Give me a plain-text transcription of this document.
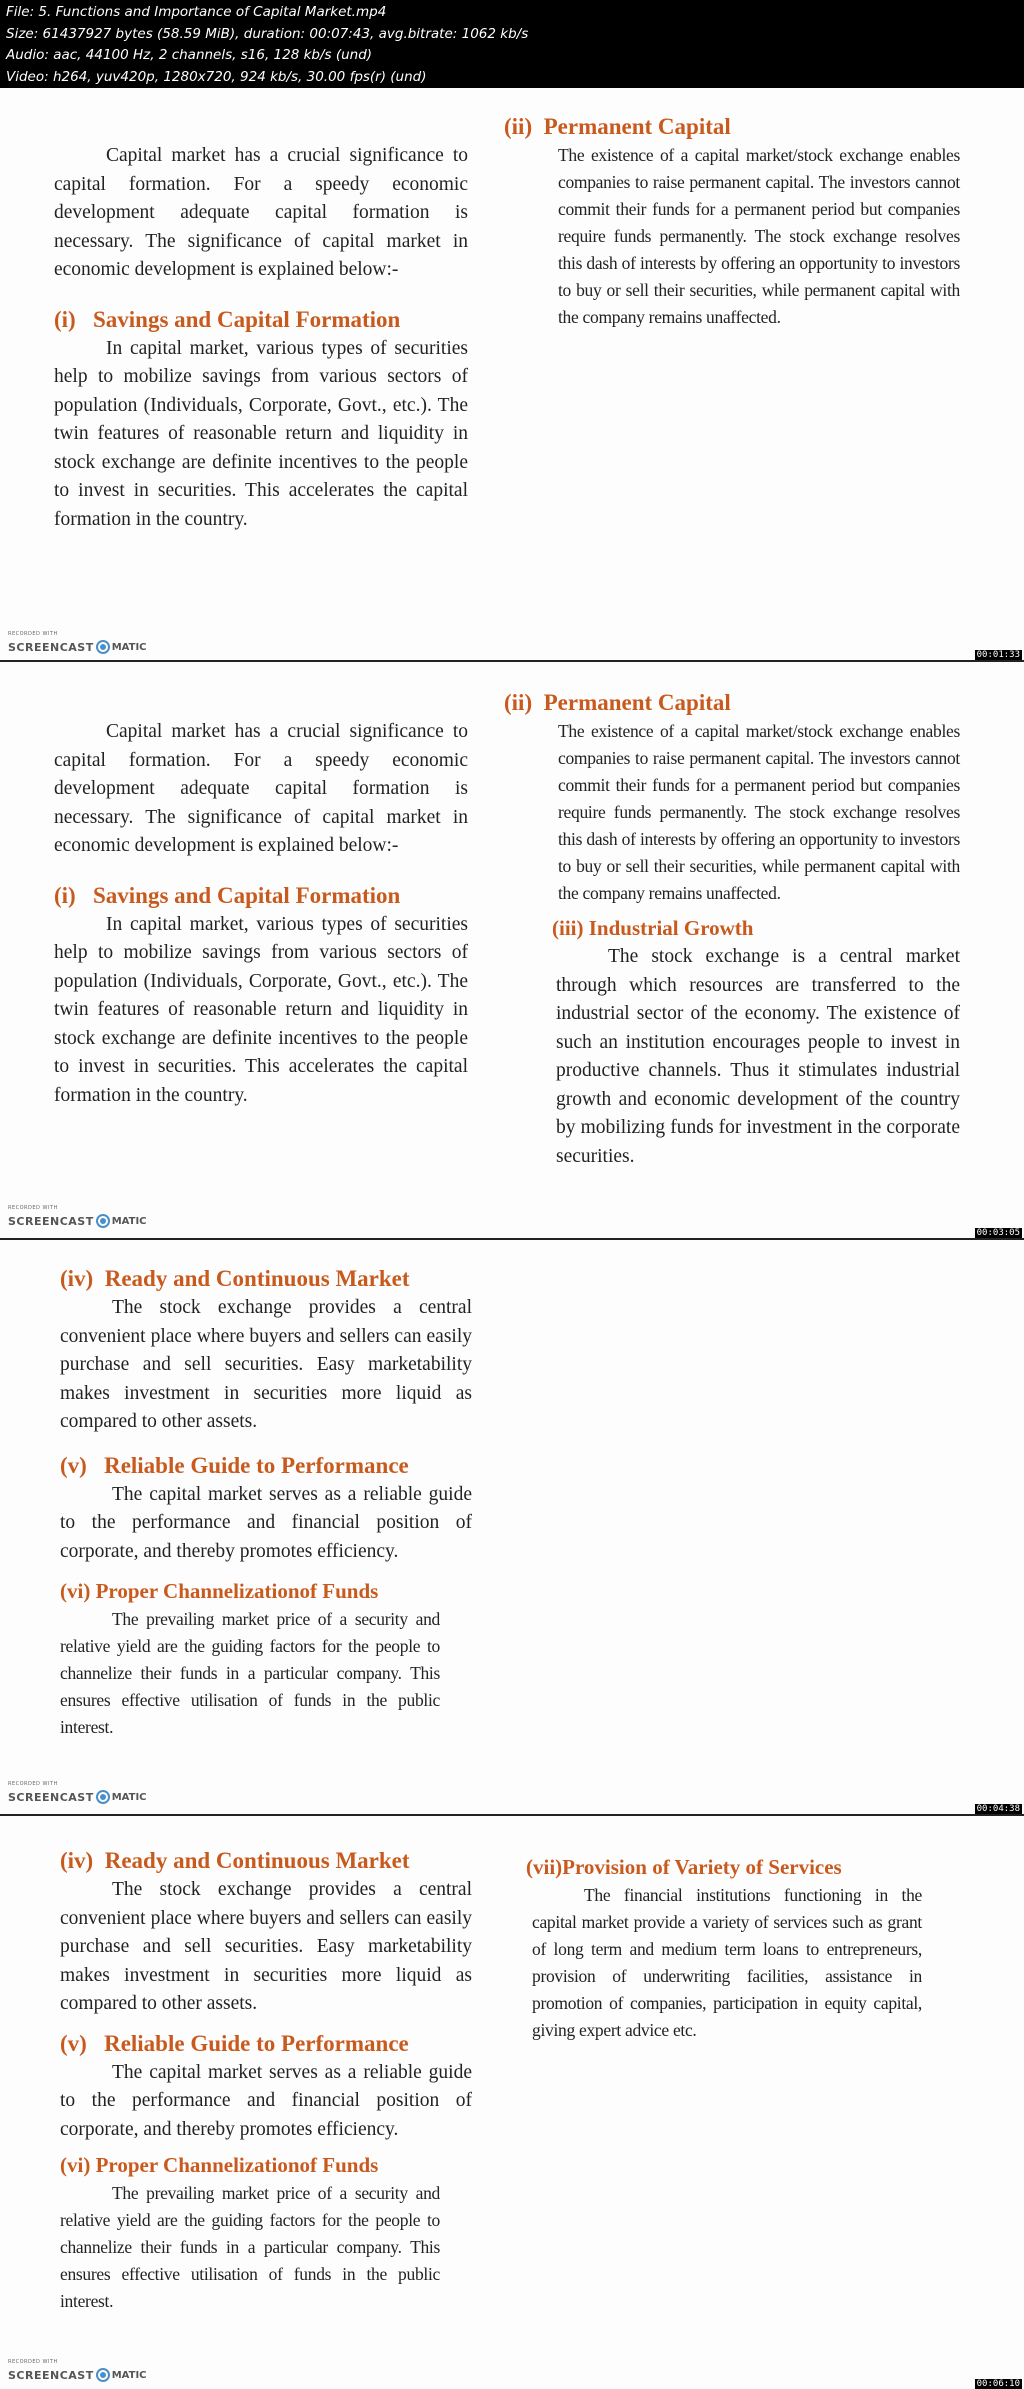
File: 5. Functions and Importance of Capital Market.mp4
Size: 61437927 bytes (58.59 MiB), duration: 00:07:43, avg.bitrate: 1062 kb/s
Audio: aac, 44100 Hz, 2 channels, s16, 128 kb/s (und)
Video: h264, yuv420p, 1280x720, 924 kb/s, 30.00 fps(r) (und)

Capital market has a crucial significance to capital formation. For a speedy economic development adequate capital formation is necessary. The significance of capital market in economic development is explained below:-

(i) Savings and Capital Formation

In capital market, various types of securities help to mobilize savings from various sectors of population (Individuals, Corporate, Govt., etc.). The twin features of reasonable return and liquidity in stock exchange are definite incentives to the people to invest in securities. This accelerates the capital formation in the country.

(ii) Permanent Capital

The existence of a capital market/stock exchange enables companies to raise permanent capital. The investors cannot commit their funds for a permanent period but companies require funds permanently. The stock exchange resolves this dash of interests by offering an opportunity to investors to buy or sell their securities, while permanent capital with the company remains unaffected.

RECORDED WITH
SCREENCAST MATIC
00:01:33

Capital market has a crucial significance to capital formation. For a speedy economic development adequate capital formation is necessary. The significance of capital market in economic development is explained below:-

(i) Savings and Capital Formation

In capital market, various types of securities help to mobilize savings from various sectors of population (Individuals, Corporate, Govt., etc.). The twin features of reasonable return and liquidity in stock exchange are definite incentives to the people to invest in securities. This accelerates the capital formation in the country.

(ii) Permanent Capital

The existence of a capital market/stock exchange enables companies to raise permanent capital. The investors cannot commit their funds for a permanent period but companies require funds permanently. The stock exchange resolves this dash of interests by offering an opportunity to investors to buy or sell their securities, while permanent capital with the company remains unaffected.

(iii) Industrial Growth

The stock exchange is a central market through which resources are transferred to the industrial sector of the economy. The existence of such an institution encourages people to invest in productive channels. Thus it stimulates industrial growth and economic development of the country by mobilizing funds for investment in the corporate securities.

RECORDED WITH
SCREENCAST MATIC
00:03:05

(iv) Ready and Continuous Market

The stock exchange provides a central convenient place where buyers and sellers can easily purchase and sell securities. Easy marketability makes investment in securities more liquid as compared to other assets.

(v) Reliable Guide to Performance

The capital market serves as a reliable guide to the performance and financial position of corporate, and thereby promotes efficiency.

(vi) Proper Channelizationof Funds

The prevailing market price of a security and relative yield are the guiding factors for the people to channelize their funds in a particular company. This ensures effective utilisation of funds in the public interest.

RECORDED WITH
SCREENCAST MATIC
00:04:38

(iv) Ready and Continuous Market

The stock exchange provides a central convenient place where buyers and sellers can easily purchase and sell securities. Easy marketability makes investment in securities more liquid as compared to other assets.

(v) Reliable Guide to Performance

The capital market serves as a reliable guide to the performance and financial position of corporate, and thereby promotes efficiency.

(vi) Proper Channelizationof Funds

The prevailing market price of a security and relative yield are the guiding factors for the people to channelize their funds in a particular company. This ensures effective utilisation of funds in the public interest.

(vii)Provision of Variety of Services

The financial institutions functioning in the capital market provide a variety of services such as grant of long term and medium term loans to entrepreneurs, provision of underwriting facilities, assistance in promotion of companies, participation in equity capital, giving expert advice etc.

RECORDED WITH
SCREENCAST MATIC
00:06:10
